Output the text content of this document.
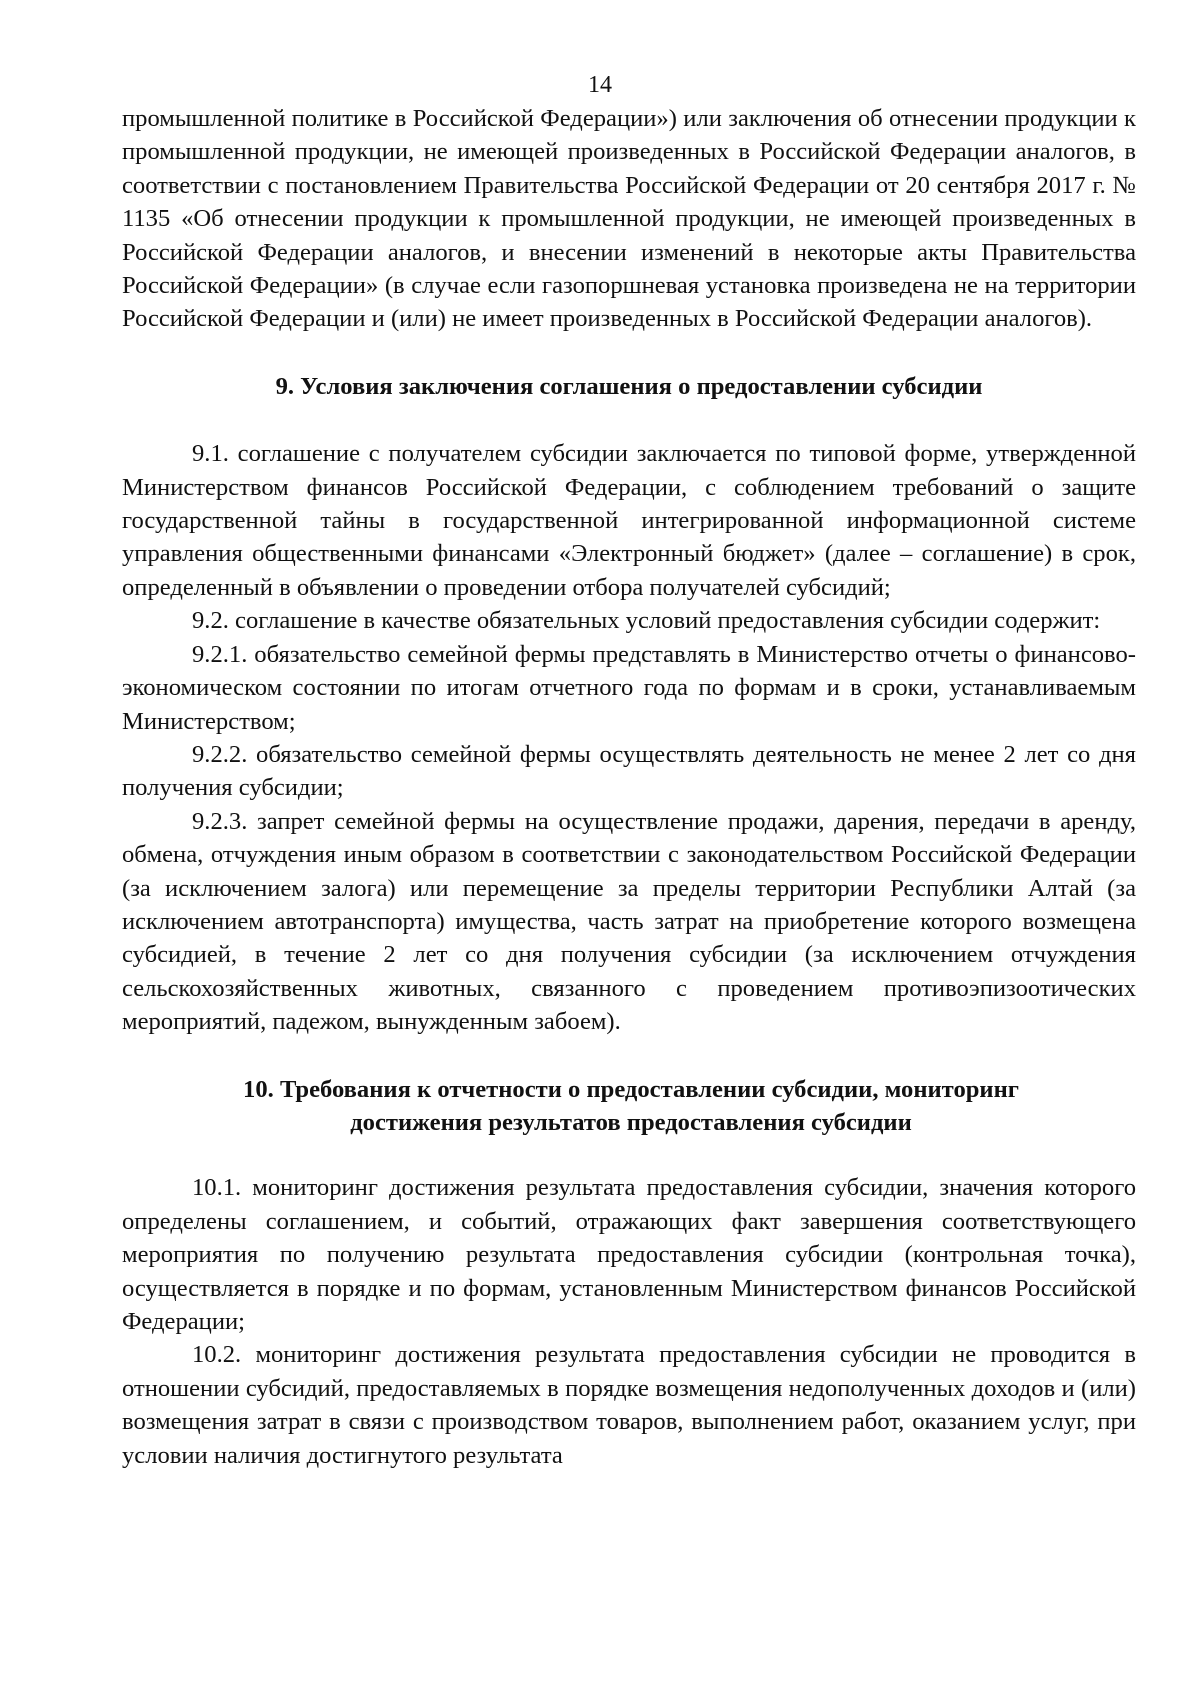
14

промышленной политике в Российской Федерации») или заключения об отнесении продукции к промышленной продукции, не имеющей произведенных в Российской Федерации аналогов, в соответствии с постановлением Правительства Российской Федерации от 20 сентября 2017 г. № 1135 «Об отнесении продукции к промышленной продукции, не имеющей произведенных в Российской Федерации аналогов, и внесении изменений в некоторые акты Правительства Российской Федерации» (в случае если газопоршневая установка произведена не на территории Российской Федерации и (или) не имеет произведенных в Российской Федерации аналогов).

9. Условия заключения соглашения о предоставлении субсидии

9.1. соглашение с получателем субсидии заключается по типовой форме, утвержденной Министерством финансов Российской Федерации, с соблюдением требований о защите государственной тайны в государственной интегрированной информационной системе управления общественными финансами «Электронный бюджет» (далее – соглашение) в срок, определенный в объявлении о проведении отбора получателей субсидий;

9.2. соглашение в качестве обязательных условий предоставления субсидии содержит:

9.2.1. обязательство семейной фермы представлять в Министерство отчеты о финансово-экономическом состоянии по итогам отчетного года по формам и в сроки, устанавливаемым Министерством;

9.2.2. обязательство семейной фермы осуществлять деятельность не менее 2 лет со дня получения субсидии;

9.2.3. запрет семейной фермы на осуществление продажи, дарения, передачи в аренду, обмена, отчуждения иным образом в соответствии с законодательством Российской Федерации (за исключением залога) или перемещение за пределы территории Республики Алтай (за исключением автотранспорта) имущества, часть затрат на приобретение которого возмещена субсидией, в течение 2 лет со дня получения субсидии (за исключением отчуждения сельскохозяйственных животных, связанного с проведением противоэпизоотических мероприятий, падежом, вынужденным забоем).

10. Требования к отчетности о предоставлении субсидии, мониторинг
достижения результатов предоставления субсидии

10.1. мониторинг достижения результата предоставления субсидии, значения которого определены соглашением, и событий, отражающих факт завершения соответствующего мероприятия по получению результата предоставления субсидии (контрольная точка), осуществляется в порядке и по формам, установленным Министерством финансов Российской Федерации;

10.2. мониторинг достижения результата предоставления субсидии не проводится в отношении субсидий, предоставляемых в порядке возмещения недополученных доходов и (или) возмещения затрат в связи с производством товаров, выполнением работ, оказанием услуг, при условии наличия достигнутого результата
